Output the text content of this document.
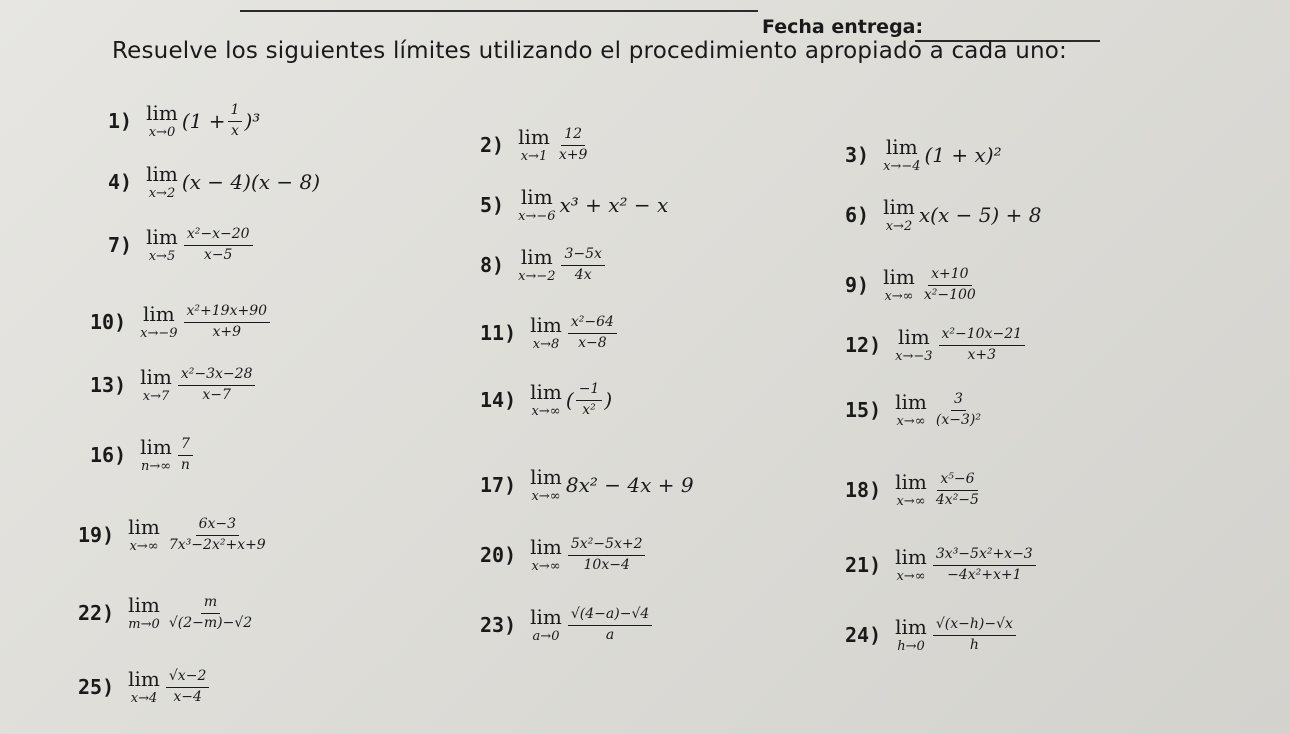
Fecha entrega:
Resuelve los siguientes límites utilizando el procedimiento apropiado a cada uno:
1) lim
x→0 $(1 + \frac{1}{x} )^3$
2) lim
$x\to 1 \frac{12}{x+9}$	3) lim
x→−4 (1 + x)²
4) lim
x→2 (x − 4)(x − 8)
5) lim
x→−6 x³ + x² − x	6) lim
x→2 x(x − 5) + 8
7) lim
$x\to 5 \frac{\text{x²−x−20}}{x-5}$
8) lim
$x\to-2 \frac{3-5x}{4x}$
9) lim
$x\to\infty \frac{x+10}{\text{x²−100}}$
10) lim
$x\to-9 \frac{\text{x²+19x+90}}{x+9}$	11) lim
$x\to 8 \frac{\text{x²−64}}{x-8}$	12) lim
$x\to-3 \frac{\text{x²−10x−21}}{x+3}$
13) lim
$x\to 7 \frac{\text{x²−3x−28}}{x-7}$	14) lim
x→∞ ( $\frac{-1}{\text{x²}}$ )	15) lim
$x\to\infty \frac{3}{\text{(x−3)²}}$
16) lim
$n\to\infty \frac{7}{n}$
17) lim
x→∞ 8x² − 4x + 9	18) lim
$x\to\infty \frac{\text{x⁵−6}}{\text{4x²−5}}$
19) lim
$x\to\infty \frac{6x-3}{\text{7x³−2x²+x+9}}$
20) lim
$x\to\infty \frac{\text{5x²−5x+2}}{10x-4}$	21) lim
$x\to\infty \frac{\text{3x³−5x²+x−3}}{\text{−4x²+x+1}}$
22) lim
$m\to 0 \frac{m}{√(2-m)-√2}$	23) lim
$a\to 0 \frac{√(4-a)-√4}{a}$	24) lim
$h\to 0 \frac{√(x-h)-√x}{h}$
25) lim
$x\to 4 \frac{√x-2}{x-4}$
